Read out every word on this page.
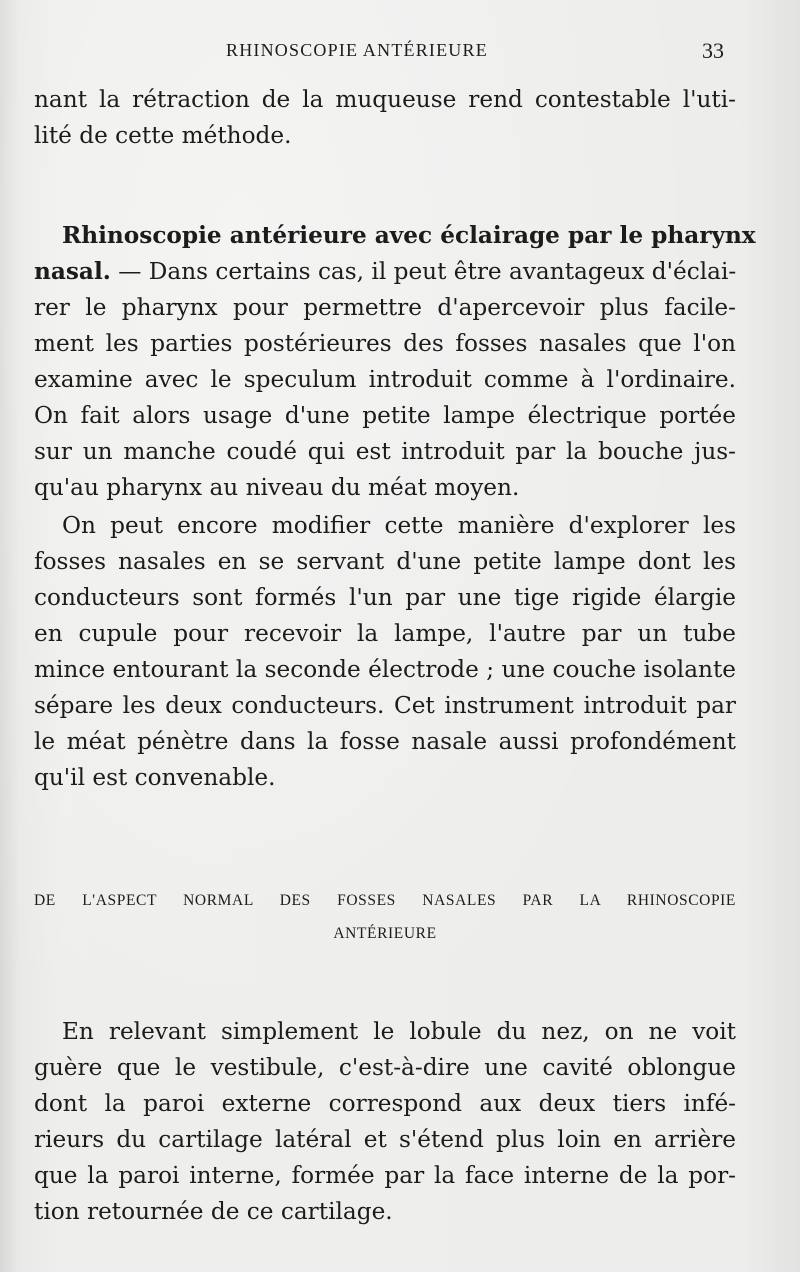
RHINOSCOPIE ANTÉRIEURE	33

nant la rétraction de la muqueuse rend contestable l'uti-
lité de cette méthode.

Rhinoscopie antérieure avec éclairage par le pharynx
nasal. — Dans certains cas, il peut être avantageux d'éclai-
rer le pharynx pour permettre d'apercevoir plus facile-
ment les parties postérieures des fosses nasales que l'on
examine avec le speculum introduit comme à l'ordinaire.
On fait alors usage d'une petite lampe électrique portée
sur un manche coudé qui est introduit par la bouche jus-
qu'au pharynx au niveau du méat moyen.

On peut encore modifier cette manière d'explorer les
fosses nasales en se servant d'une petite lampe dont les
conducteurs sont formés l'un par une tige rigide élargie
en cupule pour recevoir la lampe, l'autre par un tube
mince entourant la seconde électrode ; une couche isolante
sépare les deux conducteurs. Cet instrument introduit par
le méat pénètre dans la fosse nasale aussi profondément
qu'il est convenable.

DE L'ASPECT NORMAL DES FOSSES NASALES PAR LA RHINOSCOPIE
ANTÉRIEURE

En relevant simplement le lobule du nez, on ne voit
guère que le vestibule, c'est-à-dire une cavité oblongue
dont la paroi externe correspond aux deux tiers infé-
rieurs du cartilage latéral et s'étend plus loin en arrière
que la paroi interne, formée par la face interne de la por-
tion retournée de ce cartilage.
